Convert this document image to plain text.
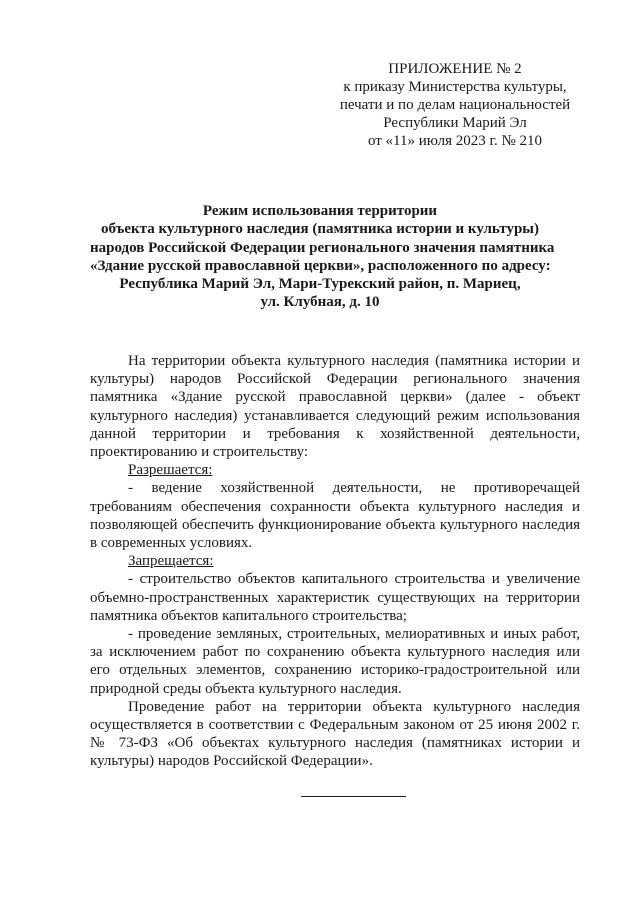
ПРИЛОЖЕНИЕ № 2
к приказу Министерства культуры,
печати и по делам национальностей
Республики Марий Эл
от «11» июля 2023 г. № 210
Режим использования территории
объекта культурного наследия (памятника истории и культуры)
народов Российской Федерации регионального значения памятника
«Здание русской православной церкви», расположенного по адресу:
Республика Марий Эл, Мари-Турекский район, п. Мариец,
ул. Клубная, д. 10
На территории объекта культурного наследия (памятника истории и культуры) народов Российской Федерации регионального значения памятника «Здание русской православной церкви» (далее - объект культурного наследия) устанавливается следующий режим использования данной территории и требования к хозяйственной деятельности, проектированию и строительству:
Разрешается:
- ведение хозяйственной деятельности, не противоречащей требованиям обеспечения сохранности объекта культурного наследия и позволяющей обеспечить функционирование объекта культурного наследия в современных условиях.
Запрещается:
- строительство объектов капитального строительства и увеличение объемно-пространственных характеристик существующих на территории памятника объектов капитального строительства;
- проведение земляных, строительных, мелиоративных и иных работ, за исключением работ по сохранению объекта культурного наследия или его отдельных элементов, сохранению историко-градостроительной или природной среды объекта культурного наследия.
Проведение работ на территории объекта культурного наследия осуществляется в соответствии с Федеральным законом от 25 июня 2002 г. № 73-ФЗ «Об объектах культурного наследия (памятниках истории и культуры) народов Российской Федерации».
